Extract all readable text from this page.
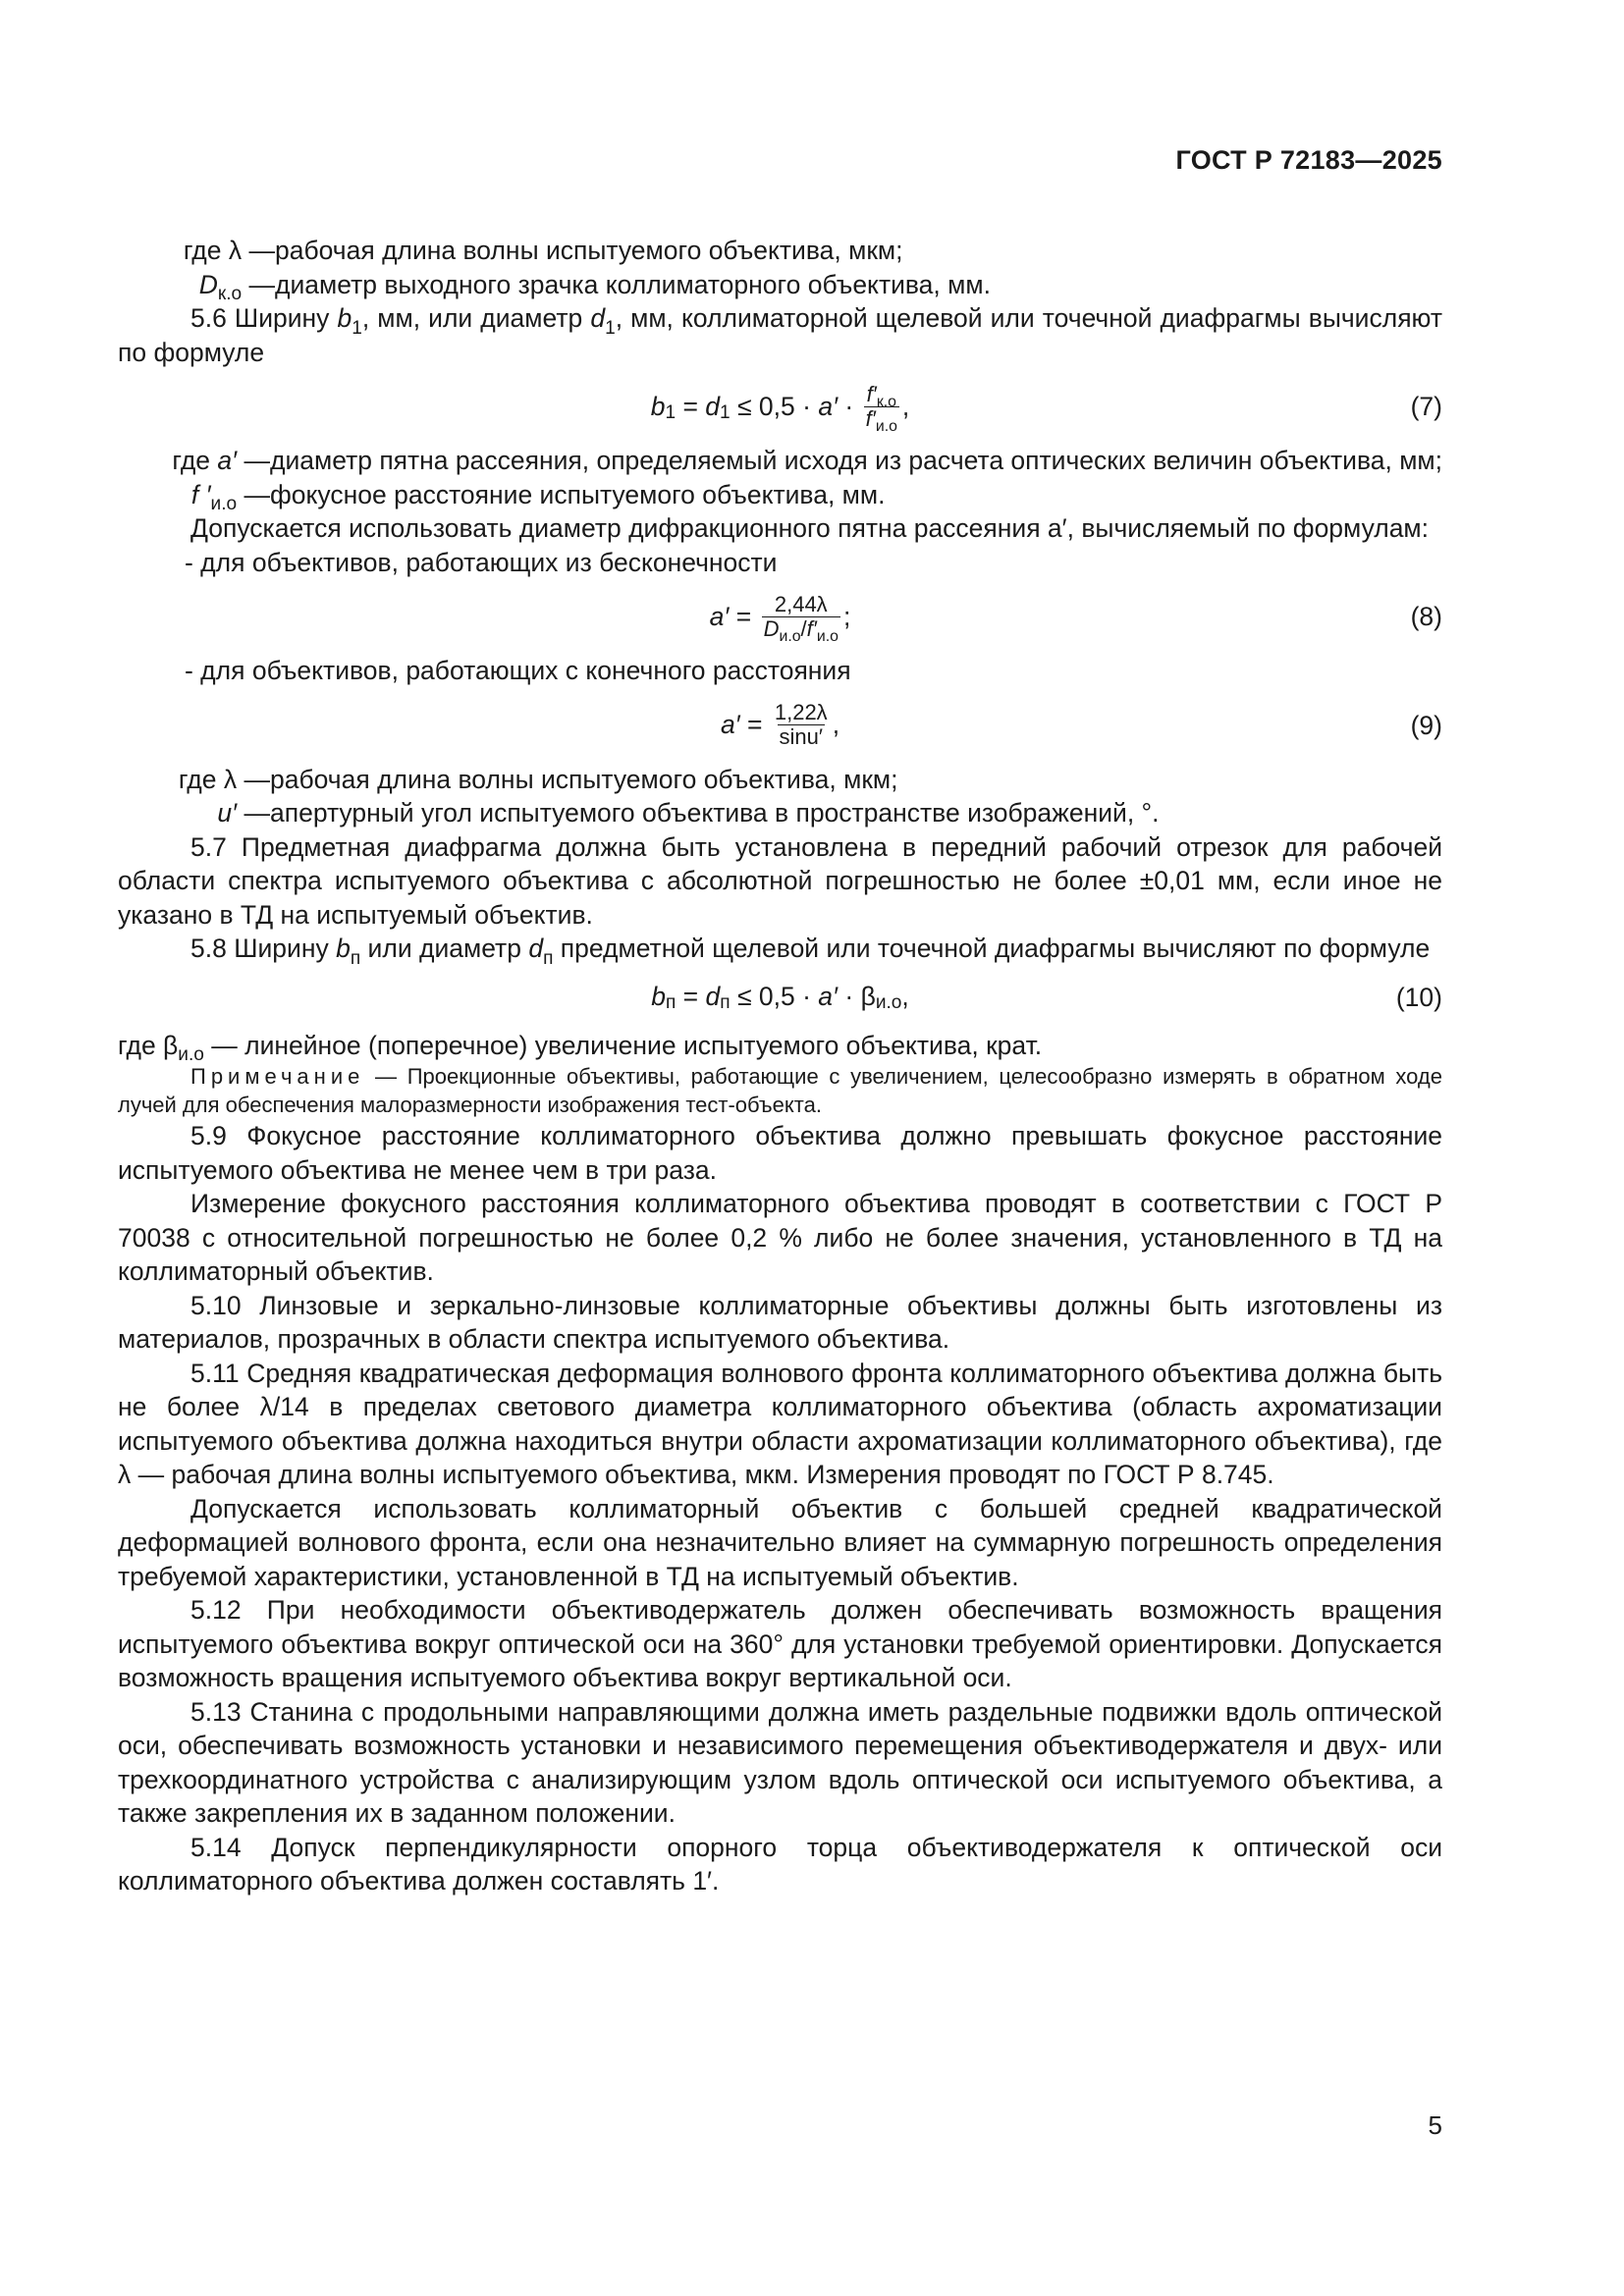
ГОСТ Р 72183—2025
где λ — рабочая длина волны испытуемого объектива, мкм;
$D_{к.о}$ — диаметр выходного зрачка коллиматорного объектива, мм.

5.6 Ширину $b_1$, мм, или диаметр $d_1$, мм, коллиматорной щелевой или точечной диафрагмы вычисляют по формуле

$b_1 = d_1 \le 0,5 \cdot a' \cdot \frac{f'_{к.о}}{f'_{и.о}}$ ,	(7)
где a′ — диаметр пятна рассеяния, определяемый исходя из расчета оптических величин объектива, мм;
f $'_{и.о}$ — фокусное расстояние испытуемого объектива, мм.

Допускается использовать диаметр дифракционного пятна рассеяния a′, вычисляемый по формулам:

- для объективов, работающих из бесконечности

$a' = \frac{2,44\lambda}{D_{и.о}/f'_{и.о}}$ ;	(8)

- для объективов, работающих с конечного расстояния

$a' = \frac{1,22\lambda}{\sin u'}$ ,	(9)
где λ — рабочая длина волны испытуемого объектива, мкм;
u′ — апертурный угол испытуемого объектива в пространстве изображений, °.

5.7 Предметная диафрагма должна быть установлена в передний рабочий отрезок для рабочей области спектра испытуемого объектива с абсолютной погрешностью не более ±0,01 мм, если иное не указано в ТД на испытуемый объектив.

5.8 Ширину $b_п$ или диаметр $d_п$ предметной щелевой или точечной диафрагмы вычисляют по формуле

$b_п = d_п \le 0,5 \cdot a' \cdot \beta_{и.о}$ ,	(10)
где $\beta_{и.о}$ — линейное (поперечное) увеличение испытуемого объектива, крат.

Примечание — Проекционные объективы, работающие с увеличением, целесообразно измерять в обратном ходе лучей для обеспечения малоразмерности изображения тест-объекта.

5.9 Фокусное расстояние коллиматорного объектива должно превышать фокусное расстояние испытуемого объектива не менее чем в три раза.

Измерение фокусного расстояния коллиматорного объектива проводят в соответствии с ГОСТ Р 70038 с относительной погрешностью не более 0,2 % либо не более значения, установленного в ТД на коллиматорный объектив.

5.10 Линзовые и зеркально-линзовые коллиматорные объективы должны быть изготовлены из материалов, прозрачных в области спектра испытуемого объектива.

5.11 Средняя квадратическая деформация волнового фронта коллиматорного объектива должна быть не более λ/14 в пределах светового диаметра коллиматорного объектива (область ахроматизации испытуемого объектива должна находиться внутри области ахроматизации коллиматорного объектива), где λ — рабочая длина волны испытуемого объектива, мкм. Измерения проводят по ГОСТ Р 8.745.

Допускается использовать коллиматорный объектив с большей средней квадратической деформацией волнового фронта, если она незначительно влияет на суммарную погрешность определения требуемой характеристики, установленной в ТД на испытуемый объектив.

5.12 При необходимости объективодержатель должен обеспечивать возможность вращения испытуемого объектива вокруг оптической оси на 360° для установки требуемой ориентировки. Допускается возможность вращения испытуемого объектива вокруг вертикальной оси.

5.13 Станина с продольными направляющими должна иметь раздельные подвижки вдоль оптической оси, обеспечивать возможность установки и независимого перемещения объективодержателя и двух- или трехкоординатного устройства с анализирующим узлом вдоль оптической оси испытуемого объектива, а также закрепления их в заданном положении.

5.14 Допуск перпендикулярности опорного торца объективодержателя к оптической оси коллиматорного объектива должен составлять 1′.

5
